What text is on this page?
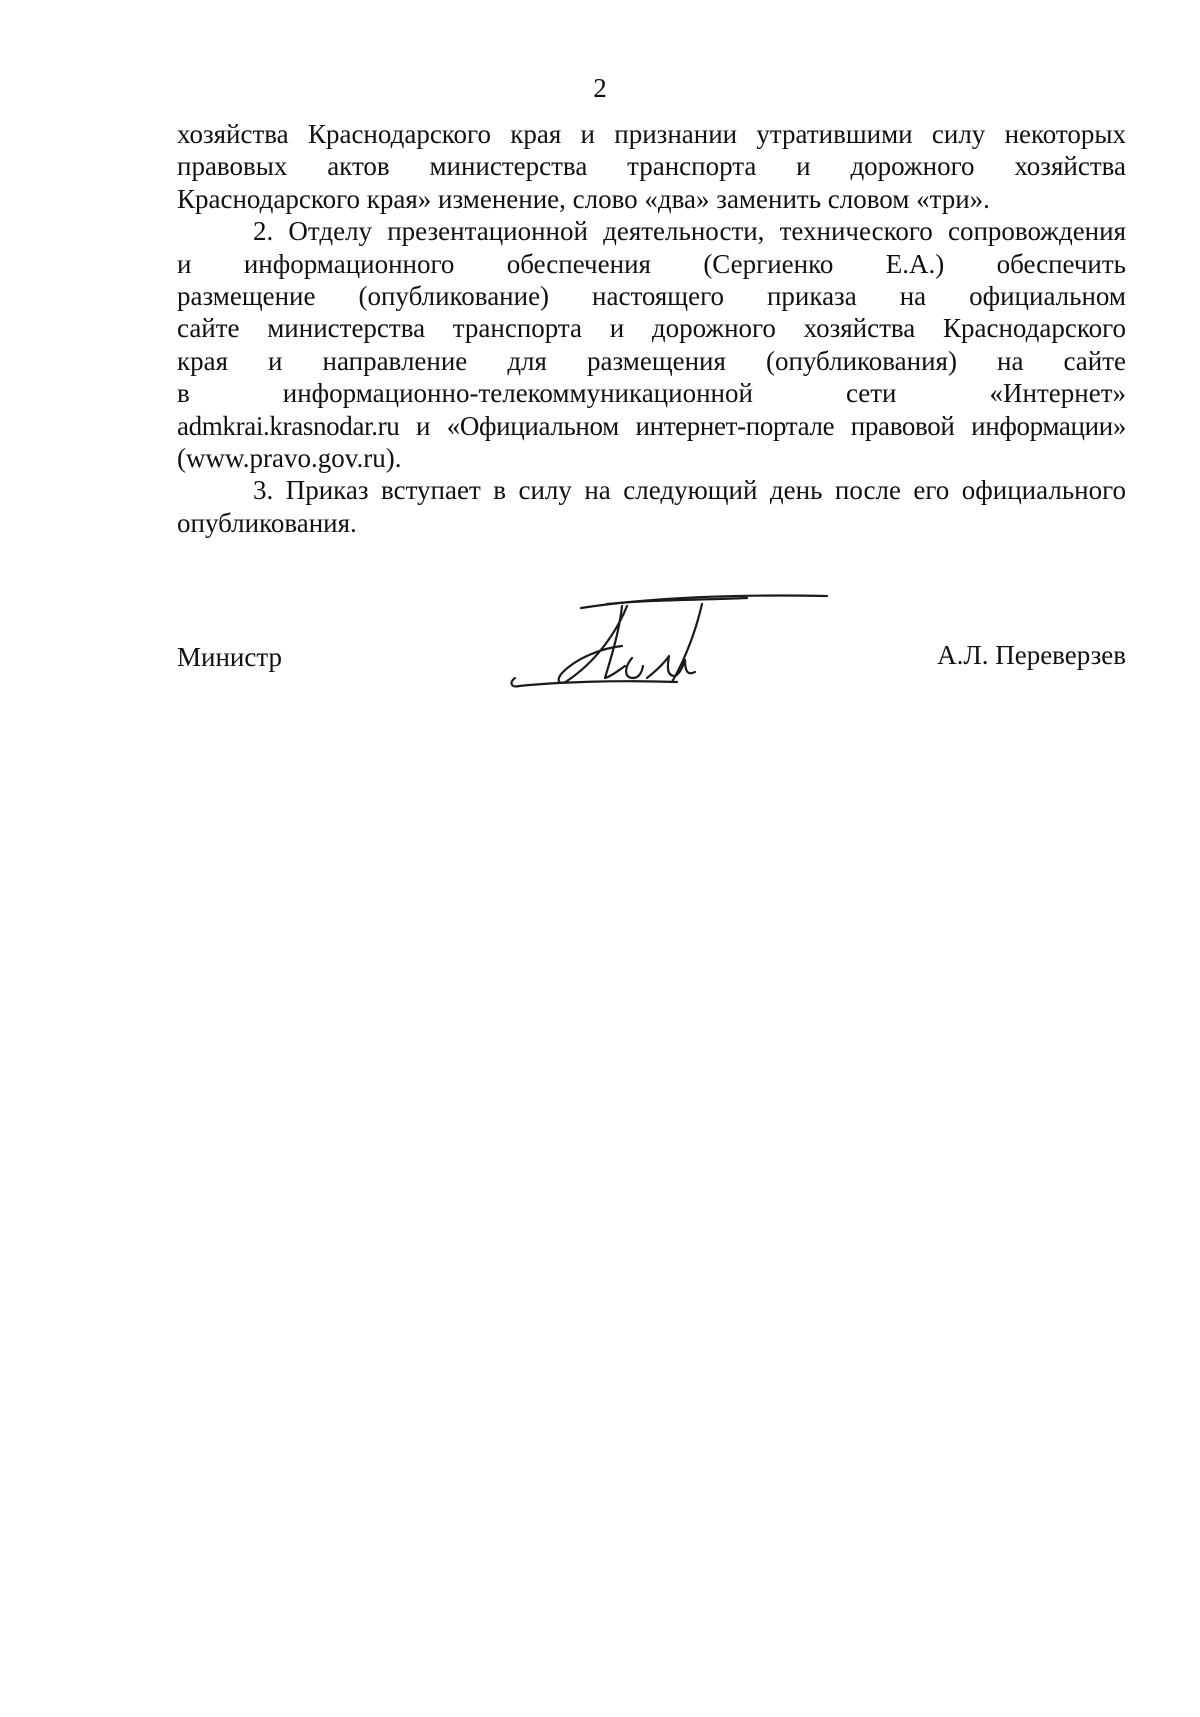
2

хозяйства Краснодарского края и признании утратившими силу некоторых
правовых актов министерства транспорта и дорожного хозяйства
Краснодарского края» изменение, слово «два» заменить словом «три».

2. Отделу презентационной деятельности, технического сопровождения
и информационного обеспечения (Сергиенко Е.А.) обеспечить
размещение (опубликование) настоящего приказа на официальном
сайте министерства транспорта и дорожного хозяйства Краснодарского
края и направление для размещения (опубликования) на сайте
в информационно-телекоммуникационной сети «Интернет»
admkrai.krasnodar.ru и «Официальном интернет-портале правовой информации»
(www.pravo.gov.ru).

3. Приказ вступает в силу на следующий день после его официального
опубликования.

Министр	А.Л. Переверзев
